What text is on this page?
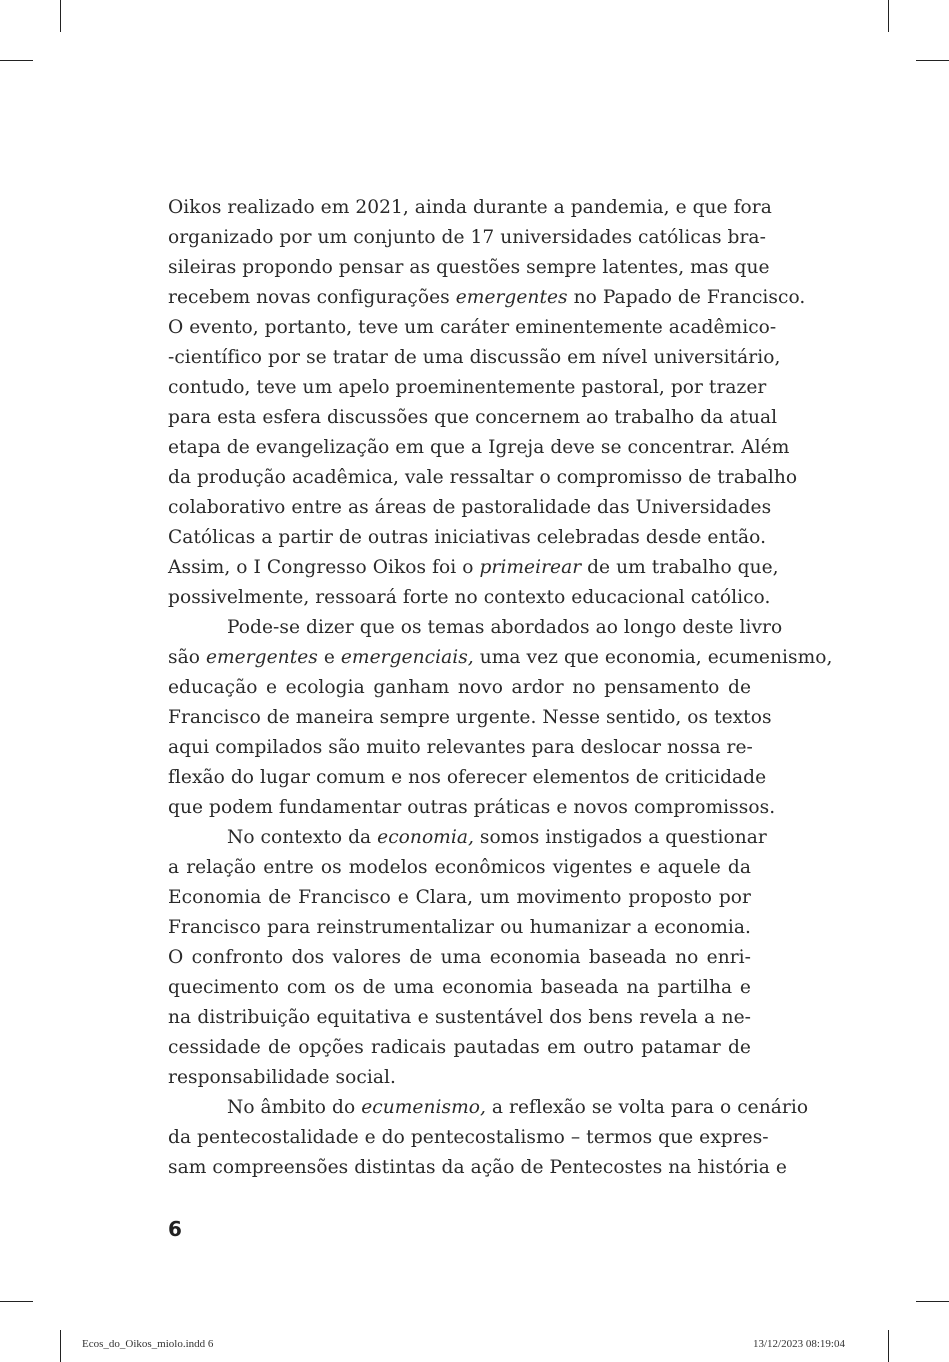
Oikos realizado em 2021, ainda durante a pandemia, e que fora
organizado por um conjunto de 17 universidades católicas bra-
sileiras propondo pensar as questões sempre latentes, mas que
recebem novas configurações emergentes no Papado de Francisco.
O evento, portanto, teve um caráter eminentemente acadêmico-
-científico por se tratar de uma discussão em nível universitário,
contudo, teve um apelo proeminentemente pastoral, por trazer
para esta esfera discussões que concernem ao trabalho da atual
etapa de evangelização em que a Igreja deve se concentrar. Além
da produção acadêmica, vale ressaltar o compromisso de trabalho
colaborativo entre as áreas de pastoralidade das Universidades
Católicas a partir de outras iniciativas celebradas desde então.
Assim, o I Congresso Oikos foi o primeirear de um trabalho que,
possivelmente, ressoará forte no contexto educacional católico.
Pode-se dizer que os temas abordados ao longo deste livro
são emergentes e emergenciais, uma vez que economia, ecumenismo,
educação e ecologia ganham novo ardor no pensamento de
Francisco de maneira sempre urgente. Nesse sentido, os textos
aqui compilados são muito relevantes para deslocar nossa re-
flexão do lugar comum e nos oferecer elementos de criticidade
que podem fundamentar outras práticas e novos compromissos.
No contexto da economia, somos instigados a questionar
a relação entre os modelos econômicos vigentes e aquele da
Economia de Francisco e Clara, um movimento proposto por
Francisco para reinstrumentalizar ou humanizar a economia.
O confronto dos valores de uma economia baseada no enri-
quecimento com os de uma economia baseada na partilha e
na distribuição equitativa e sustentável dos bens revela a ne-
cessidade de opções radicais pautadas em outro patamar de
responsabilidade social.
No âmbito do ecumenismo, a reflexão se volta para o cenário
da pentecostalidade e do pentecostalismo – termos que expres-
sam compreensões distintas da ação de Pentecostes na história e
6
Ecos_do_Oikos_miolo.indd 6	13/12/2023 08:19:04
